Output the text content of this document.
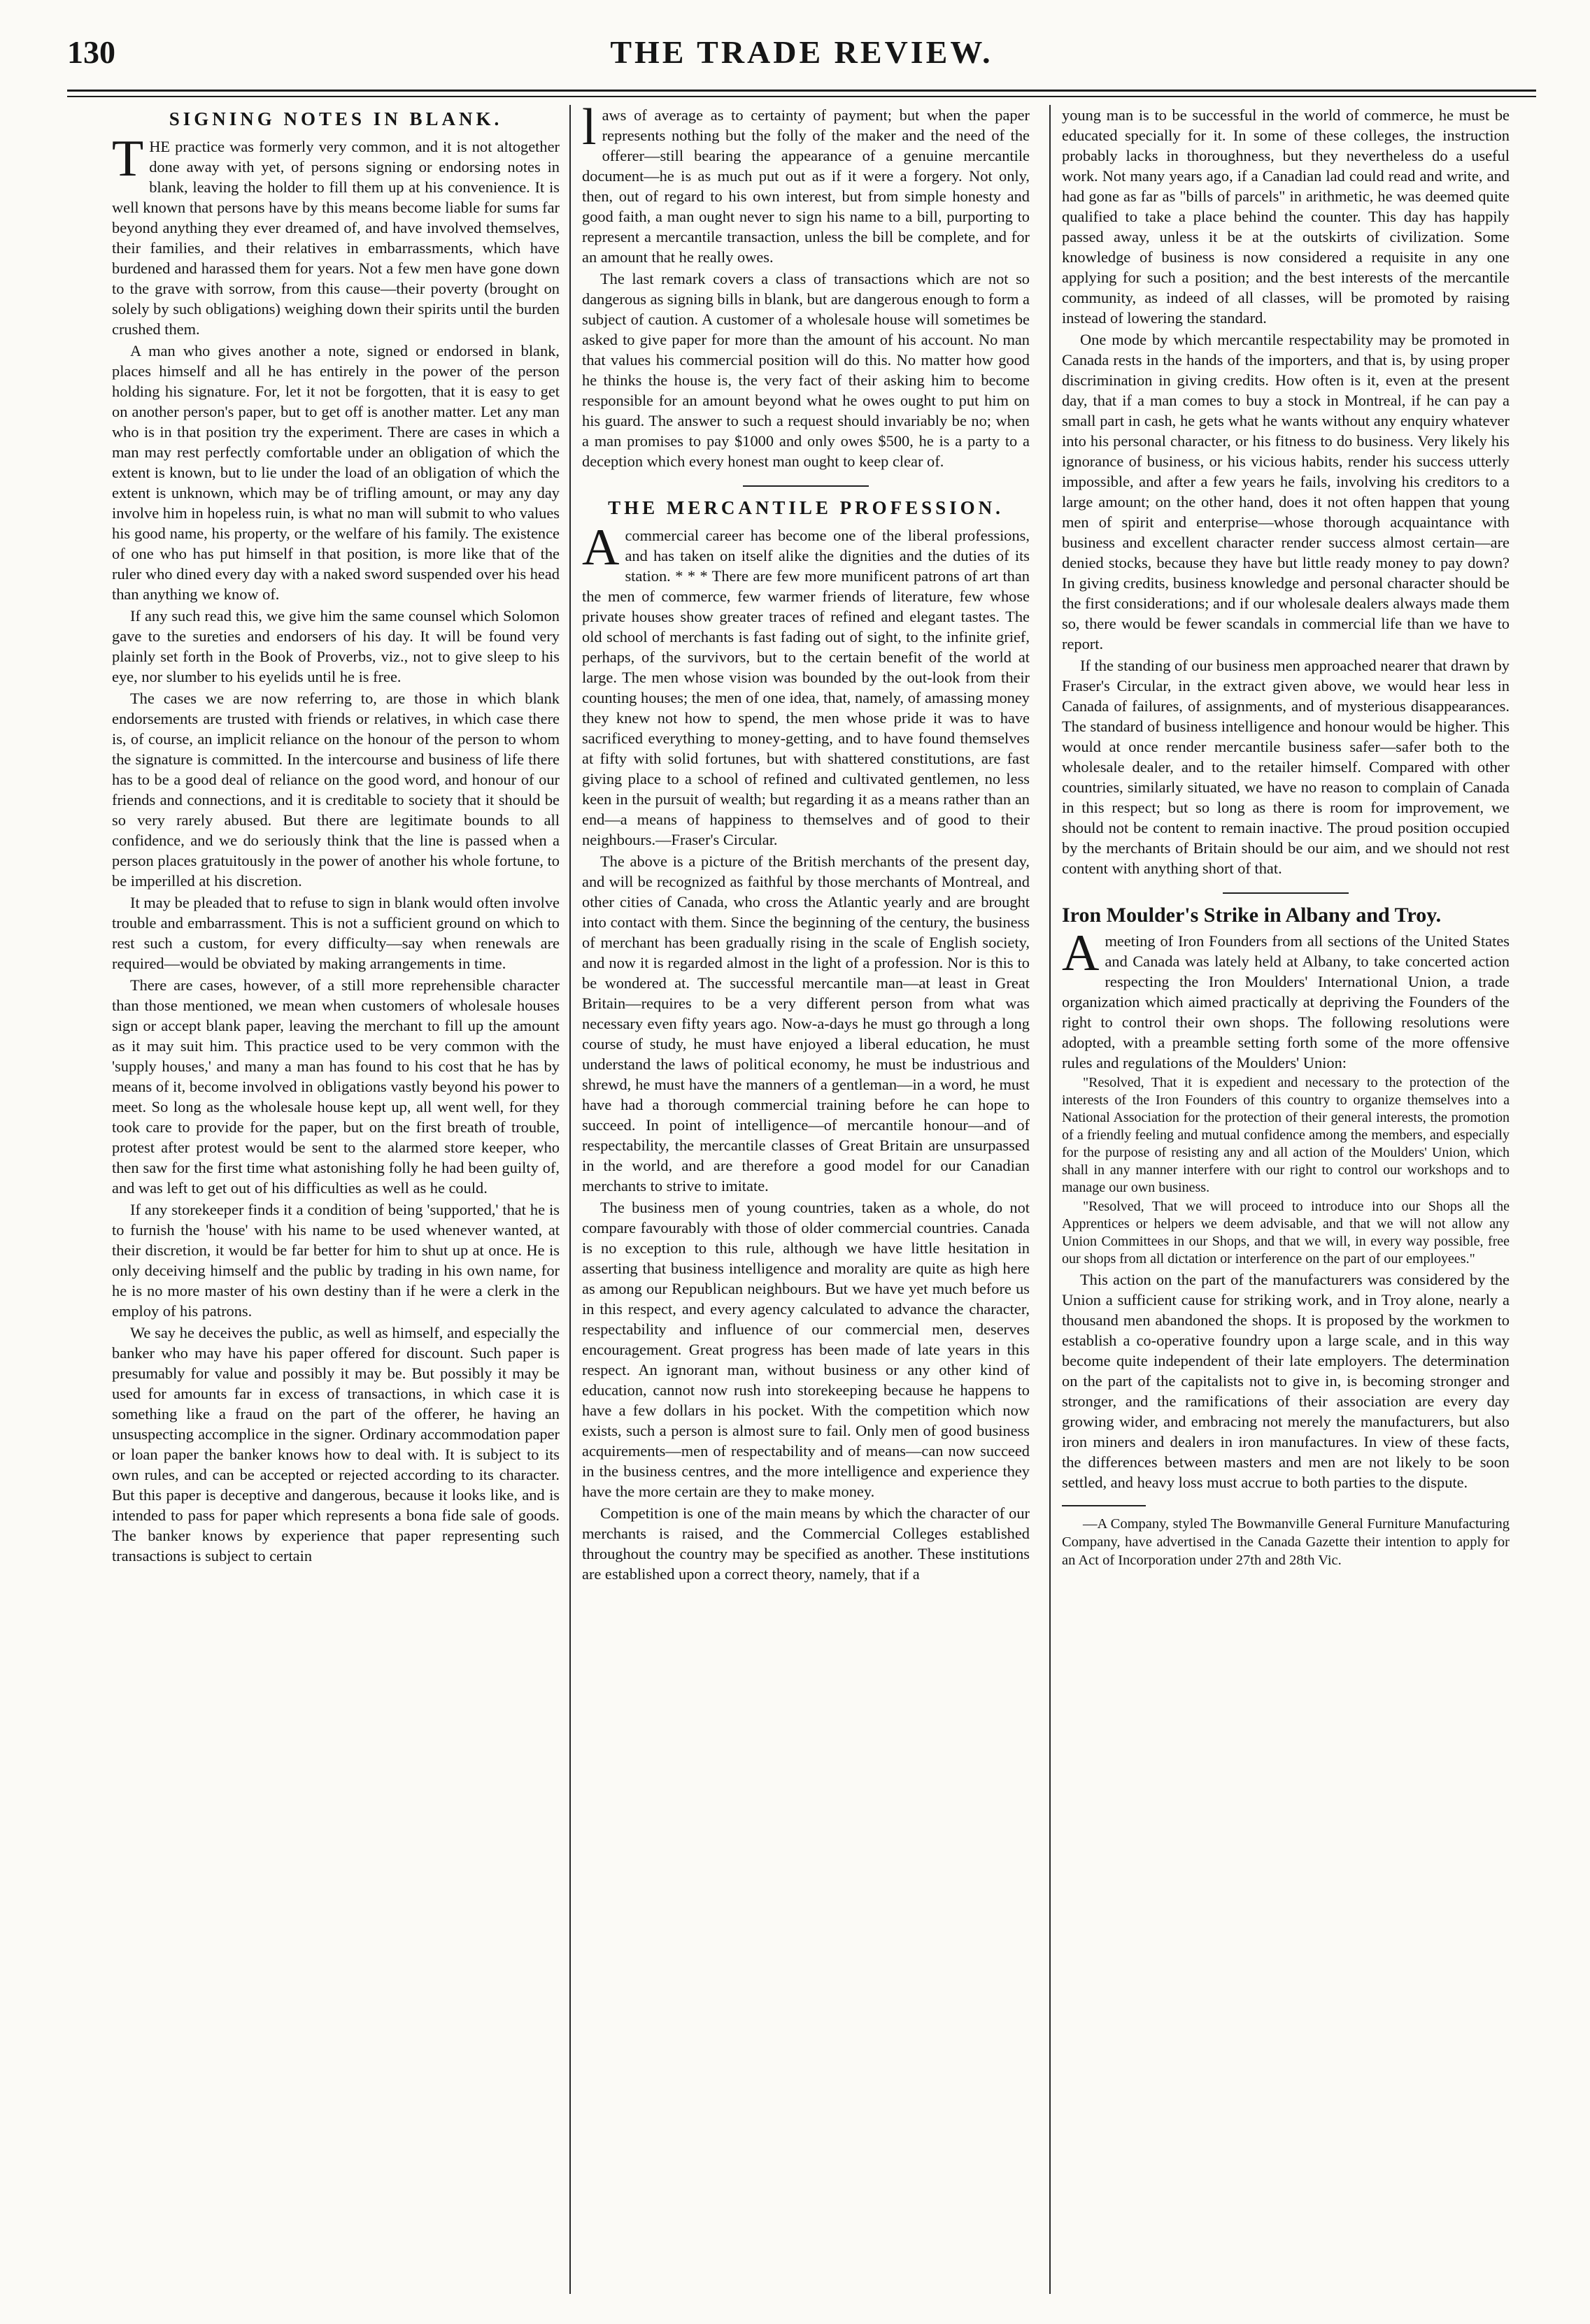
THE TRADE REVIEW.
130
SIGNING NOTES IN BLANK.

THE practice was formerly very common, and it is not altogether done away with yet, of persons signing or endorsing notes in blank, leaving the holder to fill them up at his convenience. It is well known that persons have by this means become liable for sums far beyond anything they ever dreamed of, and have involved themselves, their families, and their relatives in embarrassments, which have burdened and harassed them for years. Not a few men have gone down to the grave with sorrow, from this cause—their poverty (brought on solely by such obligations) weighing down their spirits until the burden crushed them.

A man who gives another a note, signed or endorsed in blank, places himself and all he has entirely in the power of the person holding his signature. For, let it not be forgotten, that it is easy to get on another person's paper, but to get off is another matter. Let any man who is in that position try the experiment. There are cases in which a man may rest perfectly comfortable under an obligation of which the extent is known, but to lie under the load of an obligation of which the extent is unknown, which may be of trifling amount, or may any day involve him in hopeless ruin, is what no man will submit to who values his good name, his property, or the welfare of his family. The existence of one who has put himself in that position, is more like that of the ruler who dined every day with a naked sword suspended over his head than anything we know of.

If any such read this, we give him the same counsel which Solomon gave to the sureties and endorsers of his day. It will be found very plainly set forth in the Book of Proverbs, viz., not to give sleep to his eye, nor slumber to his eyelids until he is free.

The cases we are now referring to, are those in which blank endorsements are trusted with friends or relatives, in which case there is, of course, an implicit reliance on the honour of the person to whom the signature is committed. In the intercourse and business of life there has to be a good deal of reliance on the good word, and honour of our friends and connections, and it is creditable to society that it should be so very rarely abused. But there are legitimate bounds to all confidence, and we do seriously think that the line is passed when a person places gratuitously in the power of another his whole fortune, to be imperilled at his discretion.

It may be pleaded that to refuse to sign in blank would often involve trouble and embarrassment. This is not a sufficient ground on which to rest such a custom, for every difficulty—say when renewals are required—would be obviated by making arrangements in time.

There are cases, however, of a still more reprehensible character than those mentioned, we mean when customers of wholesale houses sign or accept blank paper, leaving the merchant to fill up the amount as it may suit him. This practice used to be very common with the 'supply houses,' and many a man has found to his cost that he has by means of it, become involved in obligations vastly beyond his power to meet. So long as the wholesale house kept up, all went well, for they took care to provide for the paper, but on the first breath of trouble, protest after protest would be sent to the alarmed store keeper, who then saw for the first time what astonishing folly he had been guilty of, and was left to get out of his difficulties as well as he could.

If any storekeeper finds it a condition of being 'supported,' that he is to furnish the 'house' with his name to be used whenever wanted, at their discretion, it would be far better for him to shut up at once. He is only deceiving himself and the public by trading in his own name, for he is no more master of his own destiny than if he were a clerk in the employ of his patrons.

We say he deceives the public, as well as himself, and especially the banker who may have his paper offered for discount. Such paper is presumably for value and possibly it may be. But possibly it may be used for amounts far in excess of transactions, in which case it is something like a fraud on the part of the offerer, he having an unsuspecting accomplice in the signer. Ordinary accommodation paper or loan paper the banker knows how to deal with. It is subject to its own rules, and can be accepted or rejected according to its character. But this paper is deceptive and dangerous, because it looks like, and is intended to pass for paper which represents a bona fide sale of goods. The banker knows by experience that paper representing such transactions is subject to certain

laws of average as to certainty of payment; but when the paper represents nothing but the folly of the maker and the need of the offerer—still bearing the appearance of a genuine mercantile document—he is as much put out as if it were a forgery. Not only, then, out of regard to his own interest, but from simple honesty and good faith, a man ought never to sign his name to a bill, purporting to represent a mercantile transaction, unless the bill be complete, and for an amount that he really owes.

The last remark covers a class of transactions which are not so dangerous as signing bills in blank, but are dangerous enough to form a subject of caution. A customer of a wholesale house will sometimes be asked to give paper for more than the amount of his account. No man that values his commercial position will do this. No matter how good he thinks the house is, the very fact of their asking him to become responsible for an amount beyond what he owes ought to put him on his guard. The answer to such a request should invariably be no; when a man promises to pay $1000 and only owes $500, he is a party to a deception which every honest man ought to keep clear of.

THE MERCANTILE PROFESSION.

Acommercial career has become one of the liberal professions, and has taken on itself alike the dignities and the duties of its station. * * * There are few more munificent patrons of art than the men of commerce, few warmer friends of literature, few whose private houses show greater traces of refined and elegant tastes. The old school of merchants is fast fading out of sight, to the infinite grief, perhaps, of the survivors, but to the certain benefit of the world at large. The men whose vision was bounded by the out-look from their counting houses; the men of one idea, that, namely, of amassing money they knew not how to spend, the men whose pride it was to have sacrificed everything to money-getting, and to have found themselves at fifty with solid fortunes, but with shattered constitutions, are fast giving place to a school of refined and cultivated gentlemen, no less keen in the pursuit of wealth; but regarding it as a means rather than an end—a means of happiness to themselves and of good to their neighbours.—Fraser's Circular.

The above is a picture of the British merchants of the present day, and will be recognized as faithful by those merchants of Montreal, and other cities of Canada, who cross the Atlantic yearly and are brought into contact with them. Since the beginning of the century, the business of merchant has been gradually rising in the scale of English society, and now it is regarded almost in the light of a profession. Nor is this to be wondered at. The successful mercantile man—at least in Great Britain—requires to be a very different person from what was necessary even fifty years ago. Now-a-days he must go through a long course of study, he must have enjoyed a liberal education, he must understand the laws of political economy, he must be industrious and shrewd, he must have the manners of a gentleman—in a word, he must have had a thorough commercial training before he can hope to succeed. In point of intelligence—of mercantile honour—and of respectability, the mercantile classes of Great Britain are unsurpassed in the world, and are therefore a good model for our Canadian merchants to strive to imitate.

The business men of young countries, taken as a whole, do not compare favourably with those of older commercial countries. Canada is no exception to this rule, although we have little hesitation in asserting that business intelligence and morality are quite as high here as among our Republican neighbours. But we have yet much before us in this respect, and every agency calculated to advance the character, respectability and influence of our commercial men, deserves encouragement. Great progress has been made of late years in this respect. An ignorant man, without business or any other kind of education, cannot now rush into storekeeping because he happens to have a few dollars in his pocket. With the competition which now exists, such a person is almost sure to fail. Only men of good business acquirements—men of respectability and of means—can now succeed in the business centres, and the more intelligence and experience they have the more certain are they to make money.

Competition is one of the main means by which the character of our merchants is raised, and the Commercial Colleges established throughout the country may be specified as another. These institutions are established upon a correct theory, namely, that if a

young man is to be successful in the world of commerce, he must be educated specially for it. In some of these colleges, the instruction probably lacks in thoroughness, but they nevertheless do a useful work. Not many years ago, if a Canadian lad could read and write, and had gone as far as "bills of parcels" in arithmetic, he was deemed quite qualified to take a place behind the counter. This day has happily passed away, unless it be at the outskirts of civilization. Some knowledge of business is now considered a requisite in any one applying for such a position; and the best interests of the mercantile community, as indeed of all classes, will be promoted by raising instead of lowering the standard.

One mode by which mercantile respectability may be promoted in Canada rests in the hands of the importers, and that is, by using proper discrimination in giving credits. How often is it, even at the present day, that if a man comes to buy a stock in Montreal, if he can pay a small part in cash, he gets what he wants without any enquiry whatever into his personal character, or his fitness to do business. Very likely his ignorance of business, or his vicious habits, render his success utterly impossible, and after a few years he fails, involving his creditors to a large amount; on the other hand, does it not often happen that young men of spirit and enterprise—whose thorough acquaintance with business and excellent character render success almost certain—are denied stocks, because they have but little ready money to pay down? In giving credits, business knowledge and personal character should be the first considerations; and if our wholesale dealers always made them so, there would be fewer scandals in commercial life than we have to report.

If the standing of our business men approached nearer that drawn by Fraser's Circular, in the extract given above, we would hear less in Canada of failures, of assignments, and of mysterious disappearances. The standard of business intelligence and honour would be higher. This would at once render mercantile business safer—safer both to the wholesale dealer, and to the retailer himself. Compared with other countries, similarly situated, we have no reason to complain of Canada in this respect; but so long as there is room for improvement, we should not be content to remain inactive. The proud position occupied by the merchants of Britain should be our aim, and we should not rest content with anything short of that.

Iron Moulder's Strike in Albany and Troy.

Ameeting of Iron Founders from all sections of the United States and Canada was lately held at Albany, to take concerted action respecting the Iron Moulders' International Union, a trade organization which aimed practically at depriving the Founders of the right to control their own shops. The following resolutions were adopted, with a preamble setting forth some of the more offensive rules and regulations of the Moulders' Union:

"Resolved, That it is expedient and necessary to the protection of the interests of the Iron Founders of this country to organize themselves into a National Association for the protection of their general interests, the promotion of a friendly feeling and mutual confidence among the members, and especially for the purpose of resisting any and all action of the Moulders' Union, which shall in any manner interfere with our right to control our workshops and to manage our own business.

"Resolved, That we will proceed to introduce into our Shops all the Apprentices or helpers we deem advisable, and that we will not allow any Union Committees in our Shops, and that we will, in every way possible, free our shops from all dictation or interference on the part of our employees."

This action on the part of the manufacturers was considered by the Union a sufficient cause for striking work, and in Troy alone, nearly a thousand men abandoned the shops. It is proposed by the workmen to establish a co-operative foundry upon a large scale, and in this way become quite independent of their late employers. The determination on the part of the capitalists not to give in, is becoming stronger and stronger, and the ramifications of their association are every day growing wider, and embracing not merely the manufacturers, but also iron miners and dealers in iron manufactures. In view of these facts, the differences between masters and men are not likely to be soon settled, and heavy loss must accrue to both parties to the dispute.

—A Company, styled The Bowmanville General Furniture Manufacturing Company, have advertised in the Canada Gazette their intention to apply for an Act of Incorporation under 27th and 28th Vic.
